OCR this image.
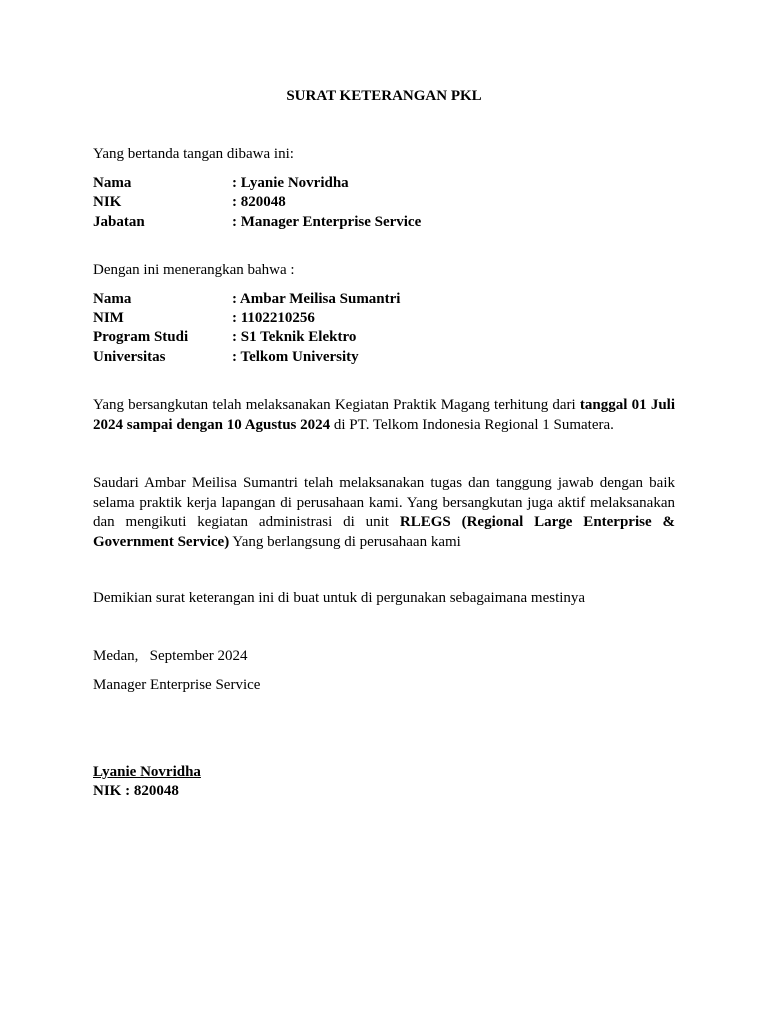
SURAT KETERANGAN PKL
Yang bertanda tangan dibawa ini:
Nama	: Lyanie Novridha
NIK	: 820048
Jabatan	: Manager Enterprise Service
Dengan ini menerangkan bahwa :
Nama	: Ambar Meilisa Sumantri
NIM	: 1102210256
Program Studi	: S1 Teknik Elektro
Universitas	: Telkom University
Yang bersangkutan telah melaksanakan Kegiatan Praktik Magang terhitung dari tanggal 01 Juli 2024 sampai dengan 10 Agustus 2024 di PT. Telkom Indonesia Regional 1 Sumatera.
Saudari Ambar Meilisa Sumantri telah melaksanakan tugas dan tanggung jawab dengan baik selama praktik kerja lapangan di perusahaan kami. Yang bersangkutan juga aktif melaksanakan dan mengikuti kegiatan administrasi di unit RLEGS (Regional Large Enterprise & Government Service) Yang berlangsung di perusahaan kami
Demikian surat keterangan ini di buat untuk di pergunakan sebagaimana mestinya
Medan,   September 2024
Manager Enterprise Service
Lyanie Novridha
NIK : 820048
